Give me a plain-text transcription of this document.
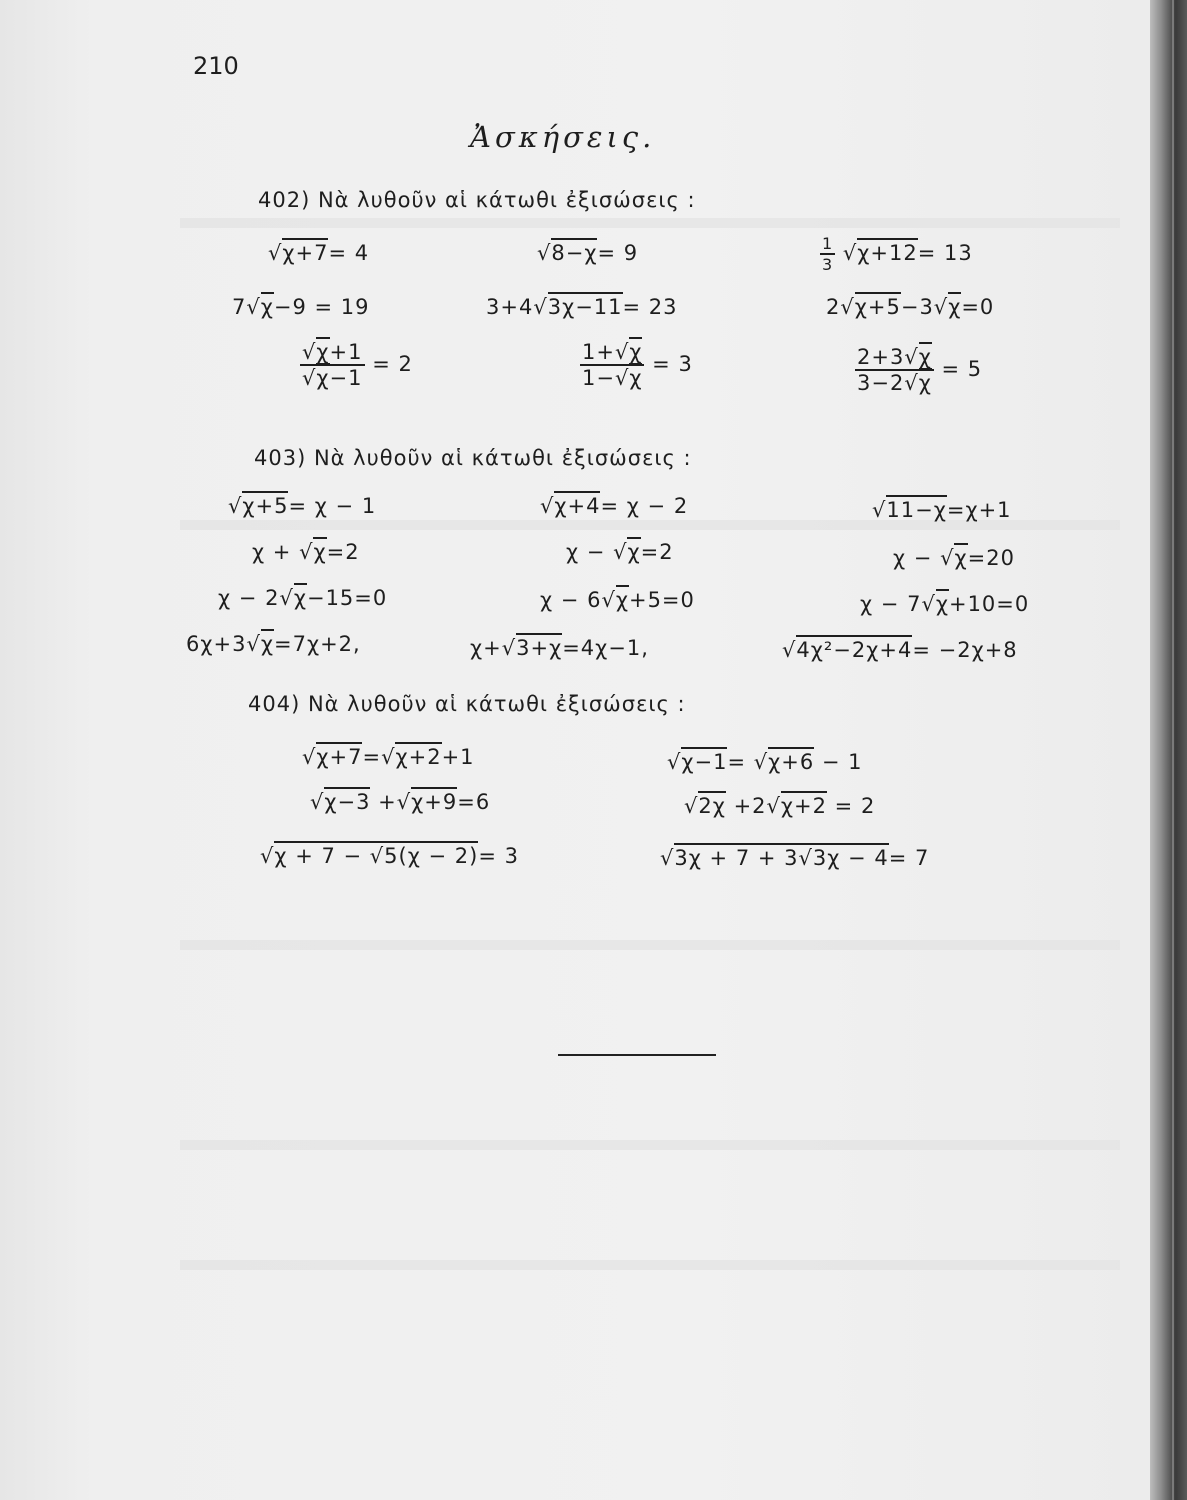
210
Ἀσκήσεις.
402) Νὰ λυθοῦν αἱ κάτωθι ἐξισώσεις :
√χ+7= 4	√8−χ= 9	$\frac{1}{3} √\chi+12= 13$
7√χ−9 = 19	3+4√3χ−11= 23	2√χ+5−3√χ=0
$\frac{√\chi+1}{√\chi-1} = 2$	$\frac{1+√\chi}{1-√\chi} = 3$	$\frac{2+3√\chi}{3-2√\chi} = 5$
403) Νὰ λυθοῦν αἱ κάτωθι ἐξισώσεις :
√χ+5= χ − 1	√χ+4= χ − 2	√11−χ=χ+1
χ + √χ=2	χ − √χ=2	χ − √χ=20
χ − 2√χ−15=0	χ − 6√χ+5=0	χ − 7√χ+10=0
6χ+3√χ=7χ+2,	χ+√3+χ=4χ−1,	√4χ²−2χ+4= −2χ+8
404) Νὰ λυθοῦν αἱ κάτωθι ἐξισώσεις :
√χ+7=√χ+2+1	√χ−1= √χ+6 − 1
√χ−3 +√χ+9=6	√2χ +2√χ+2 = 2
√χ + 7 − √5(χ − 2)= 3	√3χ + 7 + 3√3χ − 4= 7
